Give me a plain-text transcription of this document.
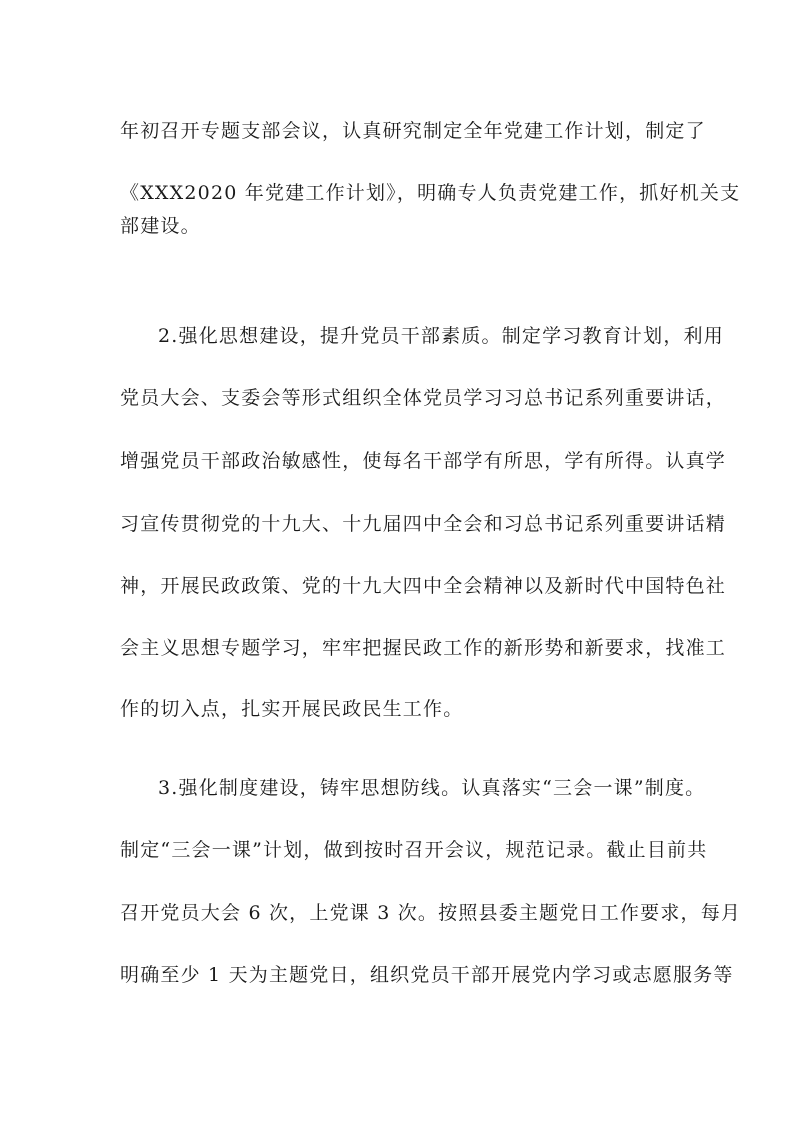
年初召开专题支部会议，认真研究制定全年党建工作计划，制定了

《XXX2020 年党建工作计划》，明确专人负责党建工作，抓好机关支

部建设。

2.强化思想建设，提升党员干部素质。制定学习教育计划，利用

党员大会、支委会等形式组织全体党员学习习总书记系列重要讲话，

增强党员干部政治敏感性，使每名干部学有所思，学有所得。认真学

习宣传贯彻党的十九大、十九届四中全会和习总书记系列重要讲话精

神，开展民政政策、党的十九大四中全会精神以及新时代中国特色社

会主义思想专题学习，牢牢把握民政工作的新形势和新要求，找准工

作的切入点，扎实开展民政民生工作。

3.强化制度建设，铸牢思想防线。认真落实“三会一课”制度。

制定“三会一课”计划，做到按时召开会议，规范记录。截止目前共

召开党员大会 6 次，上党课 3 次。按照县委主题党日工作要求，每月

明确至少 1 天为主题党日，组织党员干部开展党内学习或志愿服务等
